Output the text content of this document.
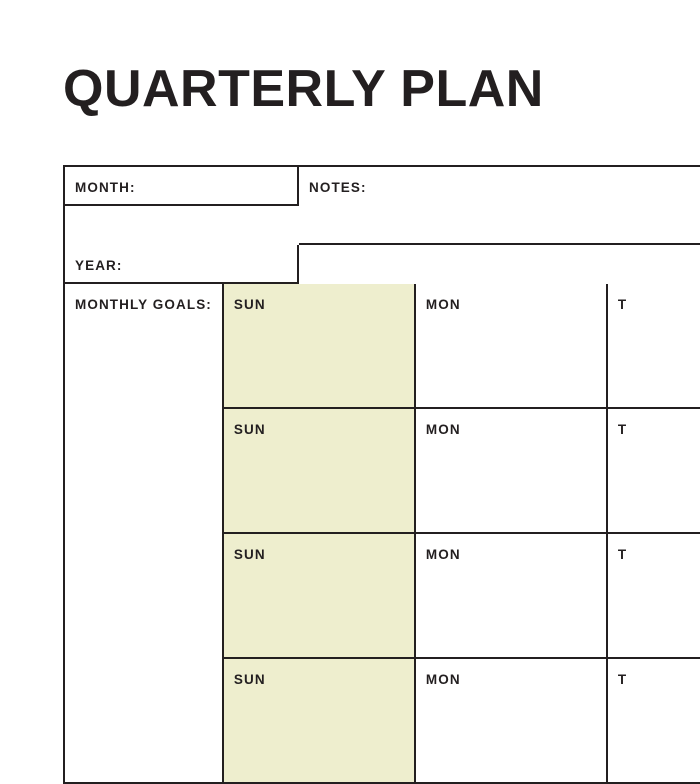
QUARTERLY PLAN
MONTH:	NOTES:
YEAR:
MONTHLY GOALS:	SUN	MON	T
SUN	MON	T
SUN	MON	T
SUN	MON	T
